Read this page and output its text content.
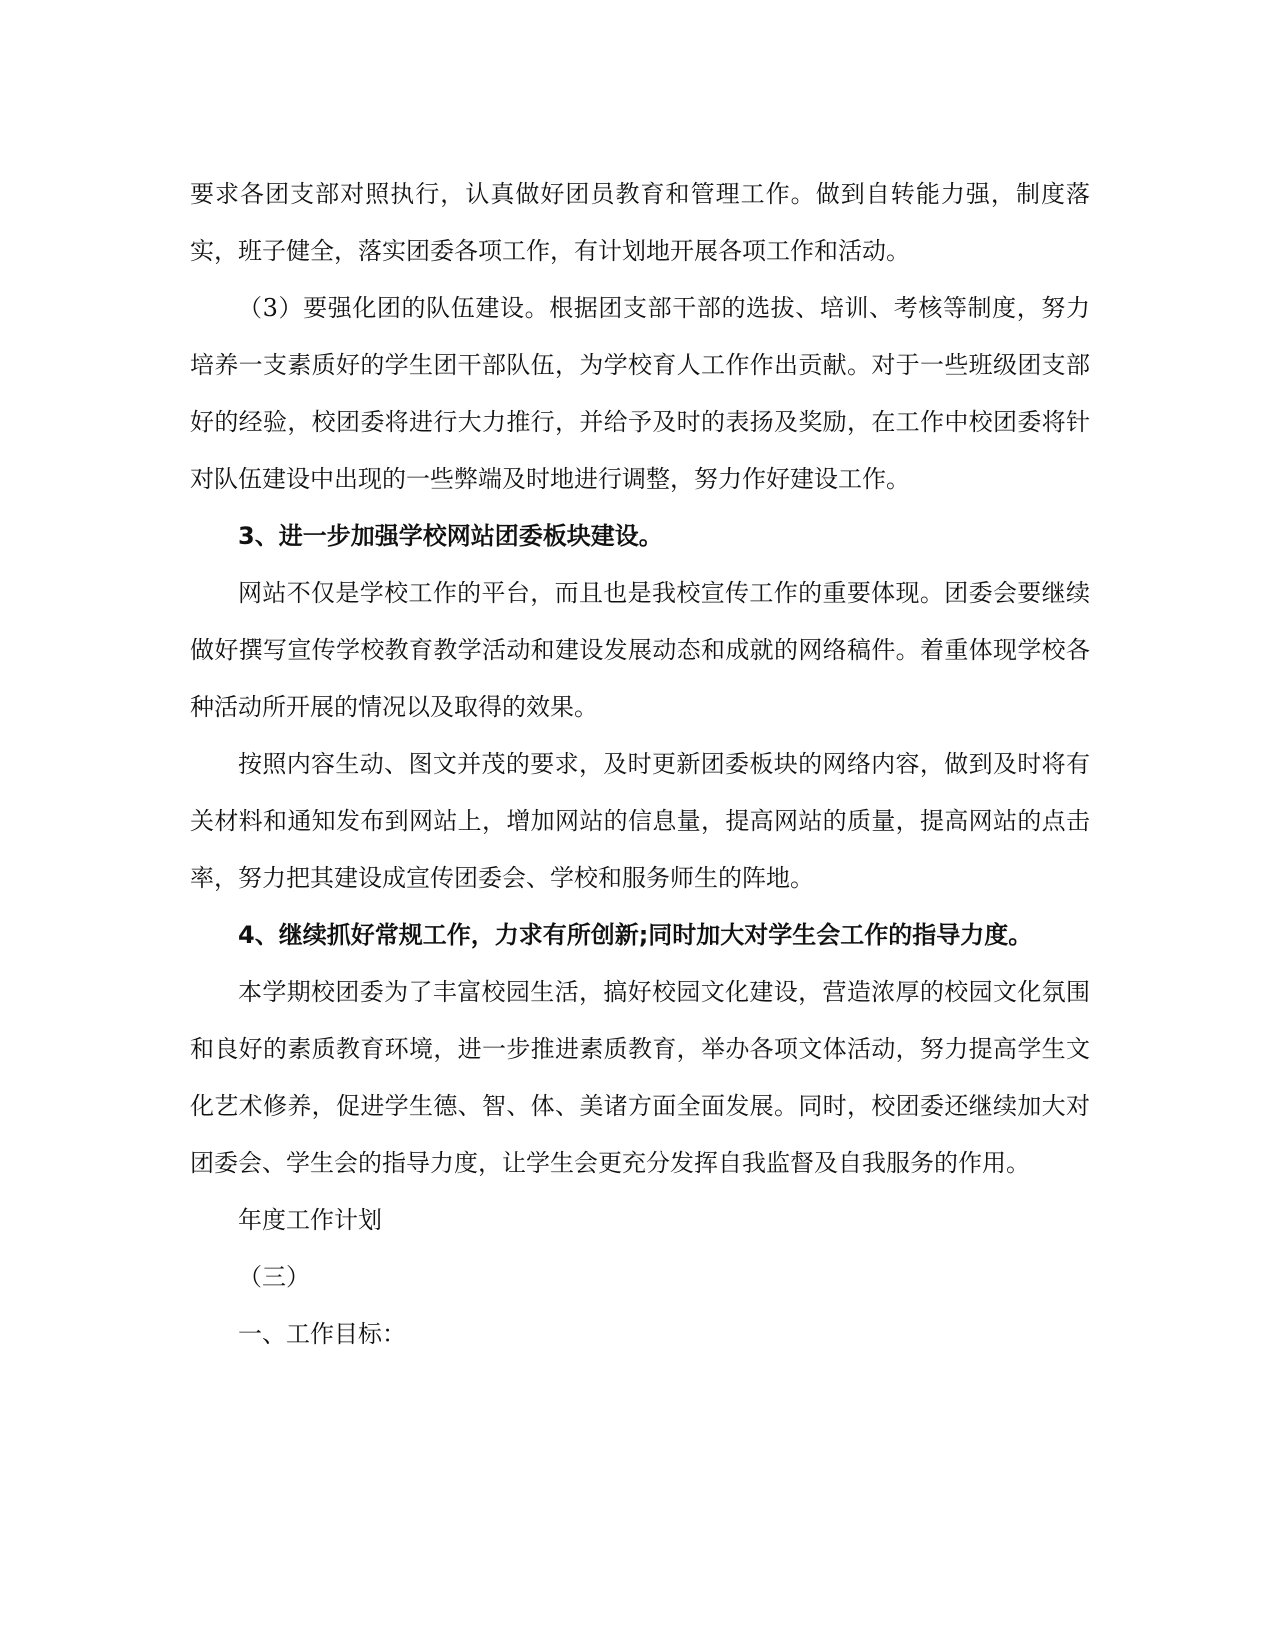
要求各团支部对照执行，认真做好团员教育和管理工作。做到自转能力强，制度落实，班子健全，落实团委各项工作，有计划地开展各项工作和活动。

（3）要强化团的队伍建设。根据团支部干部的选拔、培训、考核等制度，努力培养一支素质好的学生团干部队伍，为学校育人工作作出贡献。对于一些班级团支部好的经验，校团委将进行大力推行，并给予及时的表扬及奖励，在工作中校团委将针对队伍建设中出现的一些弊端及时地进行调整，努力作好建设工作。

3、进一步加强学校网站团委板块建设。

网站不仅是学校工作的平台，而且也是我校宣传工作的重要体现。团委会要继续做好撰写宣传学校教育教学活动和建设发展动态和成就的网络稿件。着重体现学校各种活动所开展的情况以及取得的效果。

按照内容生动、图文并茂的要求，及时更新团委板块的网络内容，做到及时将有关材料和通知发布到网站上，增加网站的信息量，提高网站的质量，提高网站的点击率，努力把其建设成宣传团委会、学校和服务师生的阵地。

4、继续抓好常规工作，力求有所创新;同时加大对学生会工作的指导力度。

本学期校团委为了丰富校园生活，搞好校园文化建设，营造浓厚的校园文化氛围和良好的素质教育环境，进一步推进素质教育，举办各项文体活动，努力提高学生文化艺术修养，促进学生德、智、体、美诸方面全面发展。同时，校团委还继续加大对团委会、学生会的指导力度，让学生会更充分发挥自我监督及自我服务的作用。

年度工作计划

（三）

一、工作目标：
